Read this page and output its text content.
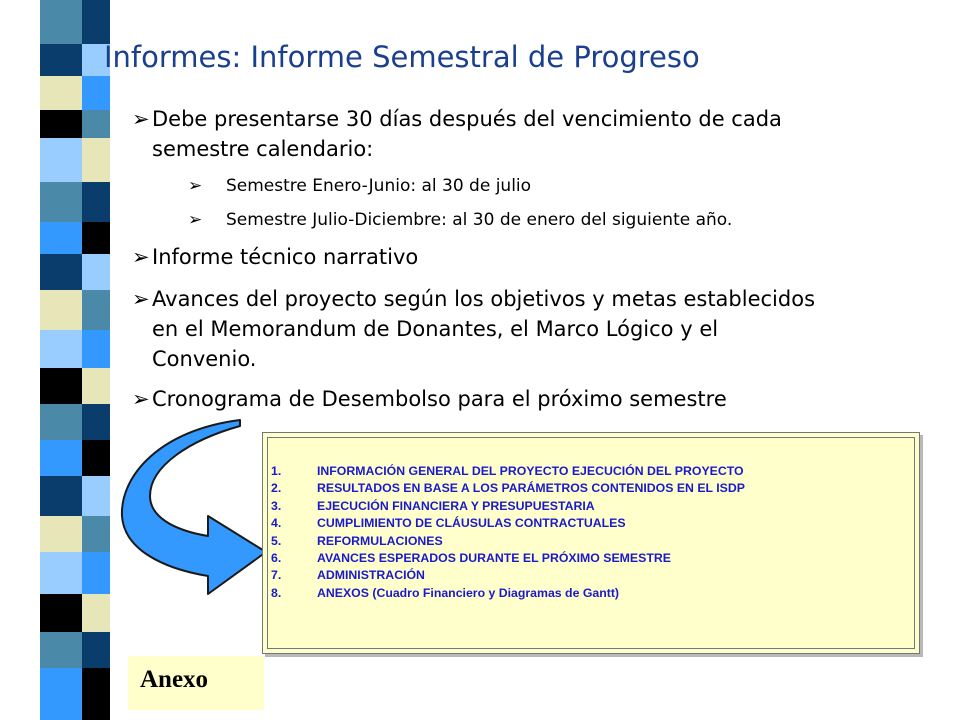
Informes: Informe Semestral de Progreso
➢ Debe presentarse 30 días después del vencimiento de cada
semestre calendario:
➢ Semestre Enero-Junio: al 30 de julio
➢ Semestre Julio-Diciembre: al 30 de enero del siguiente año.
➢ Informe técnico narrativo
➢ Avances del proyecto según los objetivos y metas establecidos
en el Memorandum de Donantes, el Marco Lógico y el
Convenio.
➢ Cronograma de Desembolso para el próximo semestre
1.	INFORMACIÓN GENERAL DEL PROYECTO EJECUCIÓN DEL PROYECTO
2.	RESULTADOS EN BASE A LOS PARÁMETROS CONTENIDOS EN EL ISDP
3.	EJECUCIÓN FINANCIERA Y PRESUPUESTARIA
4.	CUMPLIMIENTO DE CLÁUSULAS CONTRACTUALES
5.	REFORMULACIONES
6.	AVANCES ESPERADOS DURANTE EL PRÓXIMO SEMESTRE
7.	ADMINISTRACIÓN
8.	ANEXOS (Cuadro Financiero y Diagramas de Gantt)
Anexo
